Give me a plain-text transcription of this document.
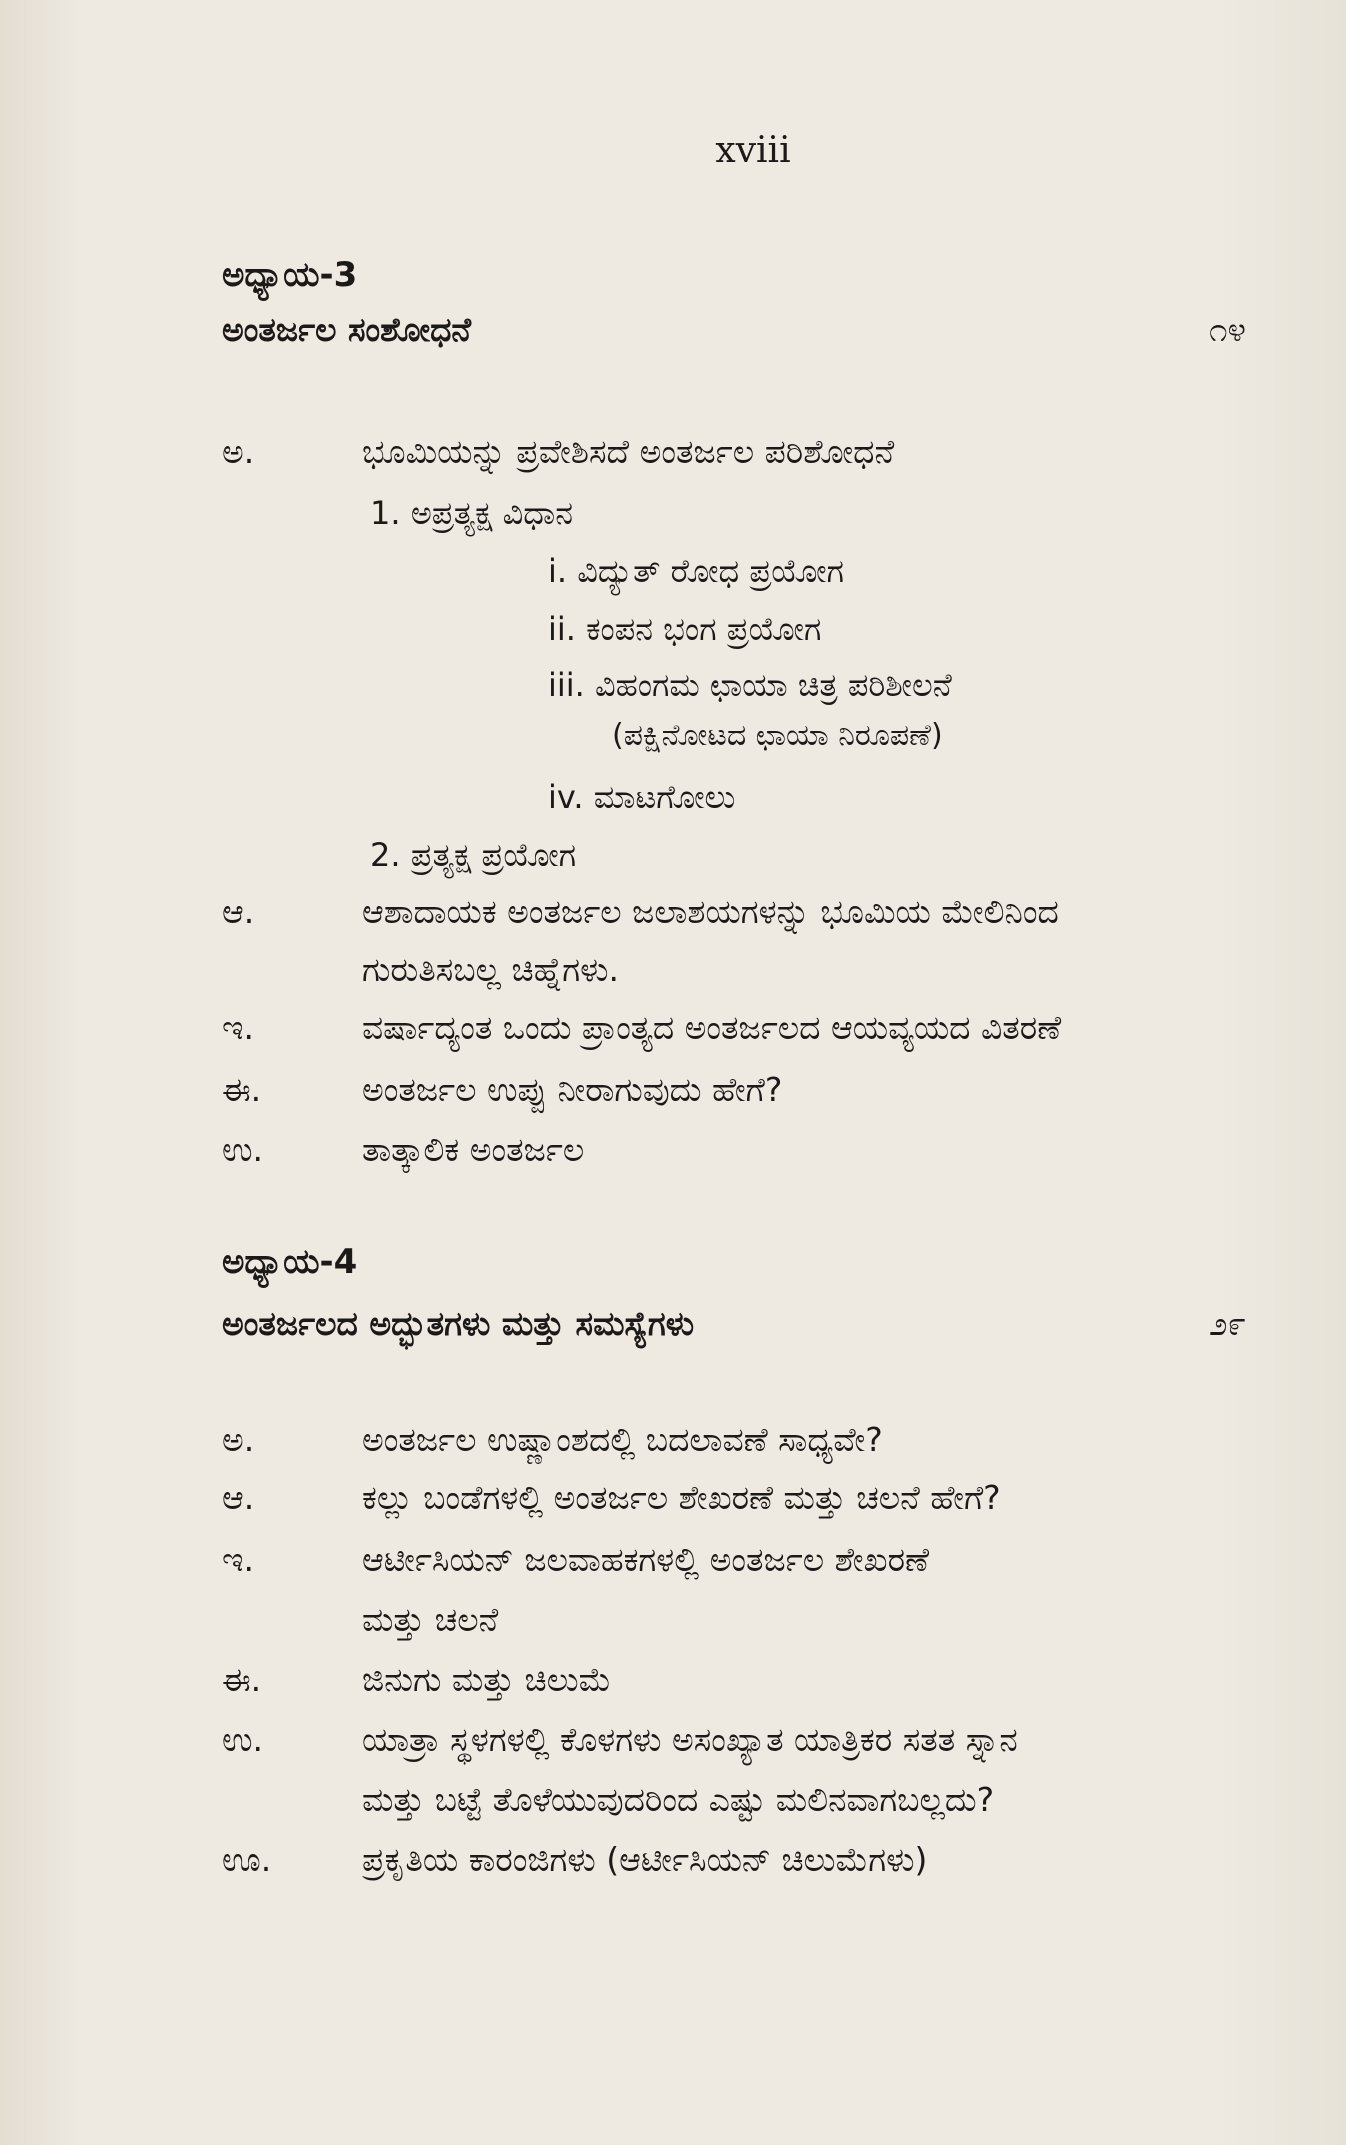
xviii
ಅಧ್ಯಾಯ-3
ಅಂತರ್ಜಲ ಸಂಶೋಧನೆ	೧೪
ಅ.	ಭೂಮಿಯನ್ನು ಪ್ರವೇಶಿಸದೆ ಅಂತರ್ಜಲ ಪರಿಶೋಧನೆ
1. ಅಪ್ರತ್ಯಕ್ಷ ವಿಧಾನ
i. ವಿದ್ಯುತ್ ರೋಧ ಪ್ರಯೋಗ
ii. ಕಂಪನ ಭಂಗ ಪ್ರಯೋಗ
iii. ವಿಹಂಗಮ ಛಾಯಾ ಚಿತ್ರ ಪರಿಶೀಲನೆ
(ಪಕ್ಷಿನೋಟದ ಛಾಯಾ ನಿರೂಪಣೆ)
iv. ಮಾಟಗೋಲು
2. ಪ್ರತ್ಯಕ್ಷ ಪ್ರಯೋಗ
ಆ.	ಆಶಾದಾಯಕ ಅಂತರ್ಜಲ ಜಲಾಶಯಗಳನ್ನು ಭೂಮಿಯ ಮೇಲಿನಿಂದ
ಗುರುತಿಸಬಲ್ಲ ಚಿಹ್ನೆಗಳು.
ಇ.	ವರ್ಷಾದ್ಯಂತ ಒಂದು ಪ್ರಾಂತ್ಯದ ಅಂತರ್ಜಲದ ಆಯವ್ಯಯದ ವಿತರಣೆ
ಈ.	ಅಂತರ್ಜಲ ಉಪ್ಪು ನೀರಾಗುವುದು ಹೇಗೆ?
ಉ.	ತಾತ್ಕಾಲಿಕ ಅಂತರ್ಜಲ
ಅಧ್ಯಾಯ-4
ಅಂತರ್ಜಲದ ಅದ್ಭುತಗಳು ಮತ್ತು ಸಮಸ್ಯೆಗಳು	೨೯
ಅ.	ಅಂತರ್ಜಲ ಉಷ್ಣಾಂಶದಲ್ಲಿ ಬದಲಾವಣೆ ಸಾಧ್ಯವೇ?
ಆ.	ಕಲ್ಲು ಬಂಡೆಗಳಲ್ಲಿ ಅಂತರ್ಜಲ ಶೇಖರಣೆ ಮತ್ತು ಚಲನೆ ಹೇಗೆ?
ಇ.	ಆರ್ಟೀಸಿಯನ್ ಜಲವಾಹಕಗಳಲ್ಲಿ ಅಂತರ್ಜಲ ಶೇಖರಣೆ
ಮತ್ತು ಚಲನೆ
ಈ.	ಜಿನುಗು ಮತ್ತು ಚಿಲುಮೆ
ಉ.	ಯಾತ್ರಾ ಸ್ಥಳಗಳಲ್ಲಿ ಕೊಳಗಳು ಅಸಂಖ್ಯಾತ ಯಾತ್ರಿಕರ ಸತತ ಸ್ನಾನ
ಮತ್ತು ಬಟ್ಟೆ ತೊಳೆಯುವುದರಿಂದ ಎಷ್ಟು ಮಲಿನವಾಗಬಲ್ಲದು?
ಊ.	ಪ್ರಕೃತಿಯ ಕಾರಂಜಿಗಳು (ಆರ್ಟೀಸಿಯನ್ ಚಿಲುಮೆಗಳು)
